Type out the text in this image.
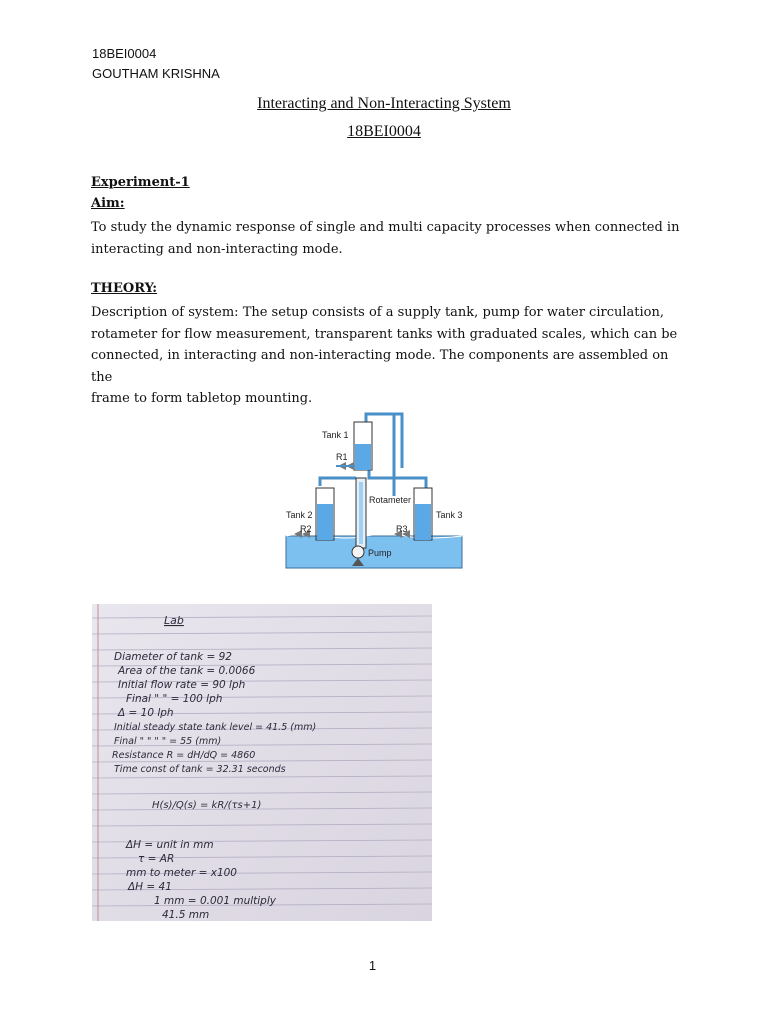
18BEI0004
GOUTHAM KRISHNA
Interacting and Non-Interacting System
18BEI0004
Experiment-1
Aim:
To study the dynamic response of single and multi capacity processes when connected in
interacting and non-interacting mode.
THEORY:
Description of system: The setup consists of a supply tank, pump for water circulation,
rotameter for flow measurement, transparent tanks with graduated scales, which can be
connected, in interacting and non-interacting mode. The components are assembled on the
frame to form tabletop mounting.
Tank 1
R1
Rotameter
Tank 2
R2	R3
Tank 3
Pump
Lab
Diameter of tank = 92
Area of the tank = 0.0066
Initial flow rate = 90 lph
Final " " = 100 lph
Δ = 10 lph
Initial steady state tank level = 41.5 (mm)
Final " " " " = 55 (mm)
Resistance R = dH/dQ = 4860
Time const of tank = 32.31 seconds
H(s)/Q(s) = kR/(τs+1)
ΔH = unit in mm
τ = AR
mm to meter = x100
ΔH = 41
1 mm = 0.001 multiply
41.5 mm
1
